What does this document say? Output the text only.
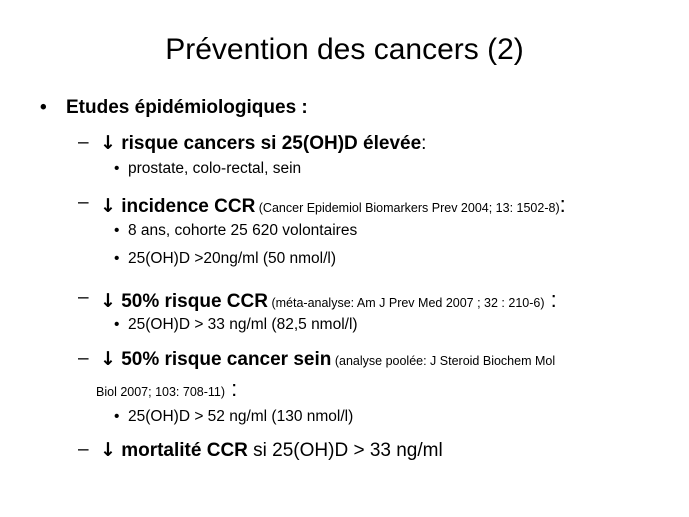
Prévention des cancers (2)
• Etudes épidémiologiques :
– ↓ risque cancers si 25(OH)D élevée:
• prostate, colo-rectal, sein
– ↓ incidence CCR (Cancer Epidemiol Biomarkers Prev 2004; 13: 1502-8):
• 8 ans, cohorte 25 620 volontaires
• 25(OH)D >20ng/ml (50 nmol/l)
– ↓ 50% risque CCR (méta-analyse: Am J Prev Med 2007 ; 32 : 210-6) :
• 25(OH)D > 33 ng/ml (82,5 nmol/l)
– ↓ 50% risque cancer sein (analyse poolée: J Steroid Biochem Mol
Biol 2007; 103: 708-11) :
• 25(OH)D > 52 ng/ml (130 nmol/l)
– ↓ mortalité CCR si 25(OH)D > 33 ng/ml
